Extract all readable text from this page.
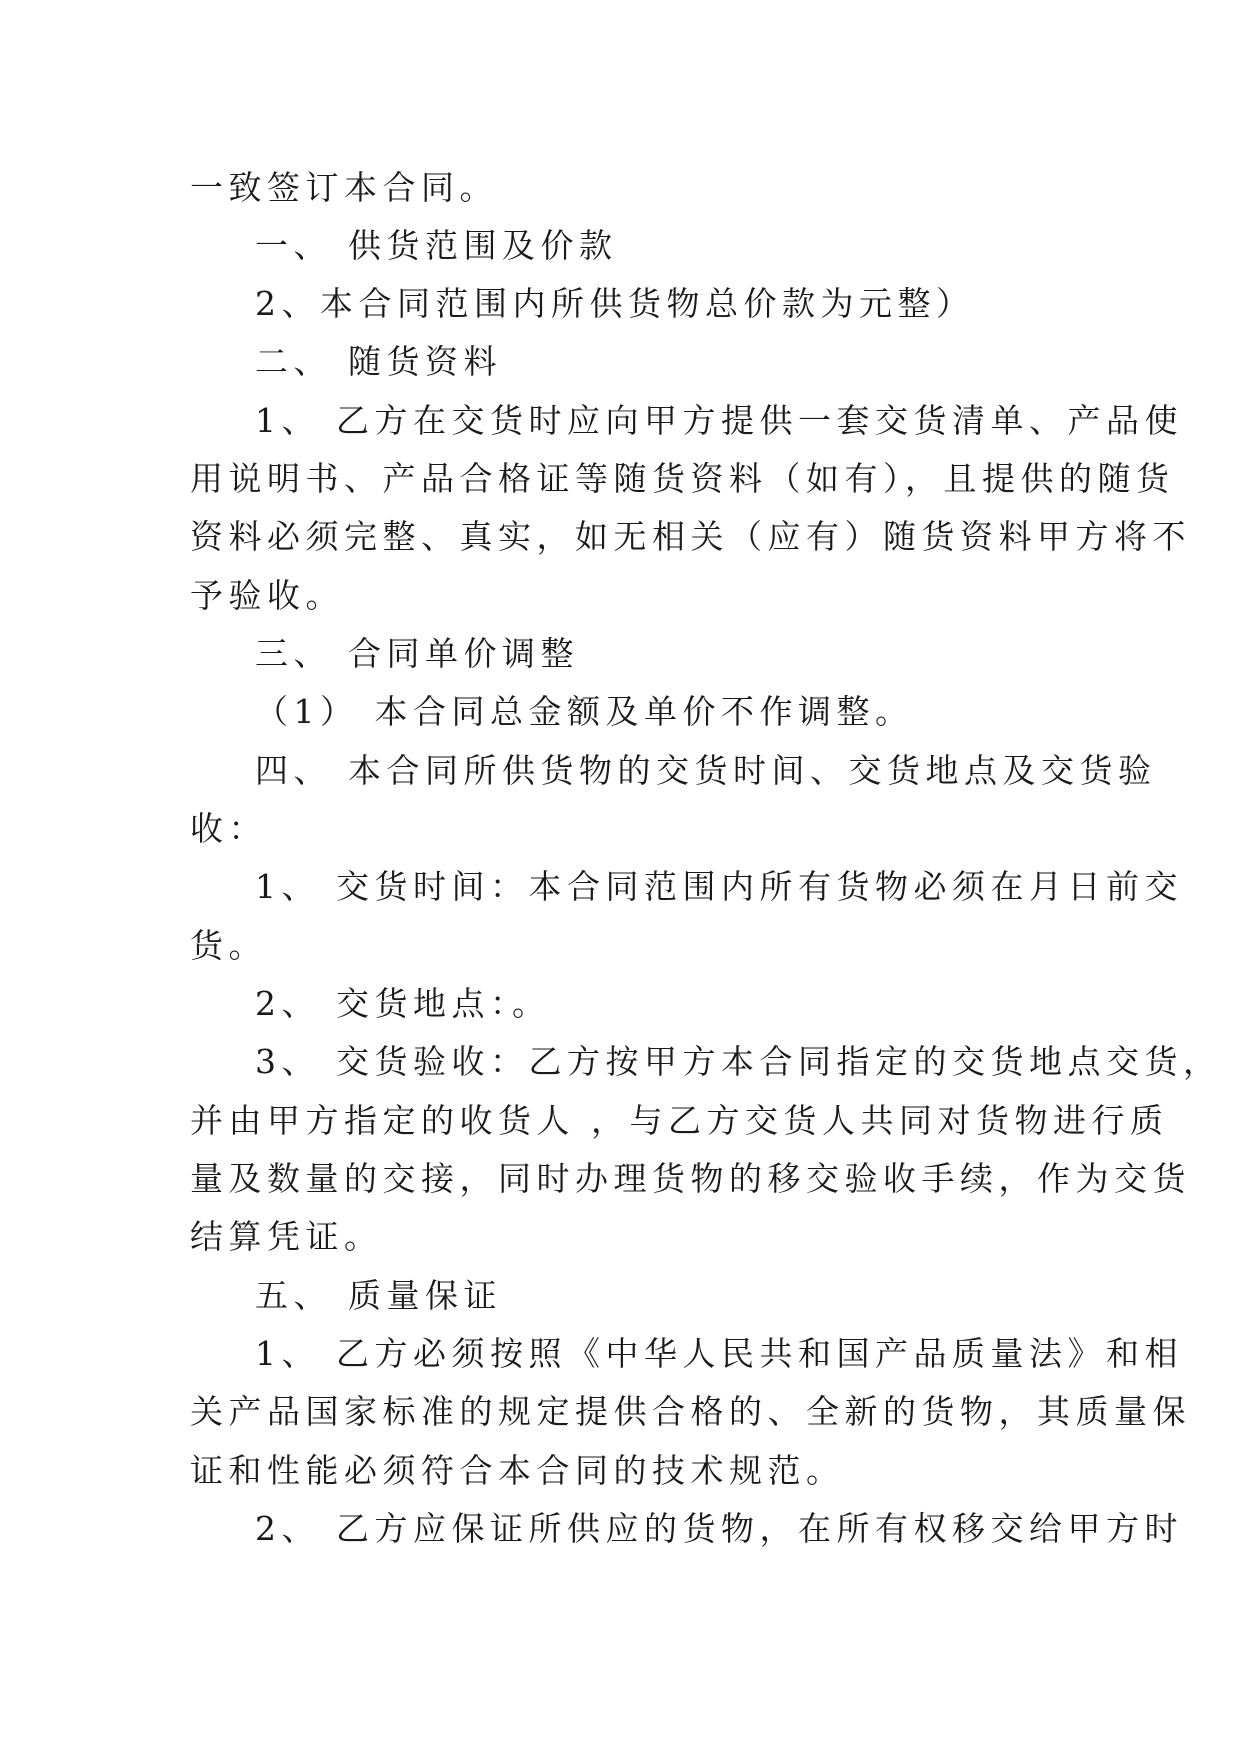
一致签订本合同。
一、 供货范围及价款
2、本合同范围内所供货物总价款为元整）
二、 随货资料
1、 乙方在交货时应向甲方提供一套交货清单、产品使
用说明书、产品合格证等随货资料（如有），且提供的随货
资料必须完整、真实，如无相关（应有）随货资料甲方将不
予验收。
三、 合同单价调整
（1） 本合同总金额及单价不作调整。
四、 本合同所供货物的交货时间、交货地点及交货验
收：
1、 交货时间：本合同范围内所有货物必须在月日前交
货。
2、 交货地点：。
3、 交货验收：乙方按甲方本合同指定的交货地点交货，
并由甲方指定的收货人 ，与乙方交货人共同对货物进行质
量及数量的交接，同时办理货物的移交验收手续，作为交货
结算凭证。
五、 质量保证
1、 乙方必须按照《中华人民共和国产品质量法》和相
关产品国家标准的规定提供合格的、全新的货物，其质量保
证和性能必须符合本合同的技术规范。
2、 乙方应保证所供应的货物，在所有权移交给甲方时
